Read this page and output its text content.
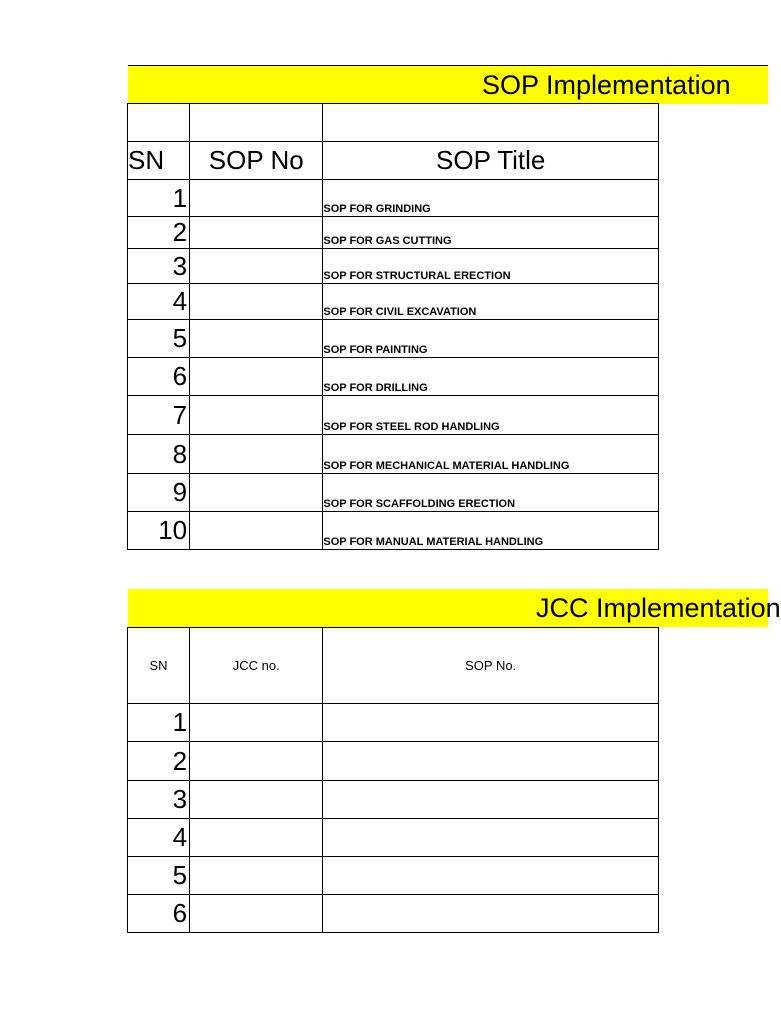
SOP Implementation

SN	SOP No	SOP Title
1		SOP FOR GRINDING
2		SOP FOR GAS CUTTING
3		SOP FOR STRUCTURAL ERECTION
4		SOP FOR CIVIL EXCAVATION
5		SOP FOR PAINTING
6		SOP FOR DRILLING
7		SOP FOR STEEL ROD HANDLING
8		SOP FOR MECHANICAL MATERIAL HANDLING
9		SOP FOR SCAFFOLDING ERECTION
10		SOP FOR MANUAL MATERIAL HANDLING
JCC Implementation
SN	JCC no.	SOP No.
1		
2		
3		
4		
5		
6		
